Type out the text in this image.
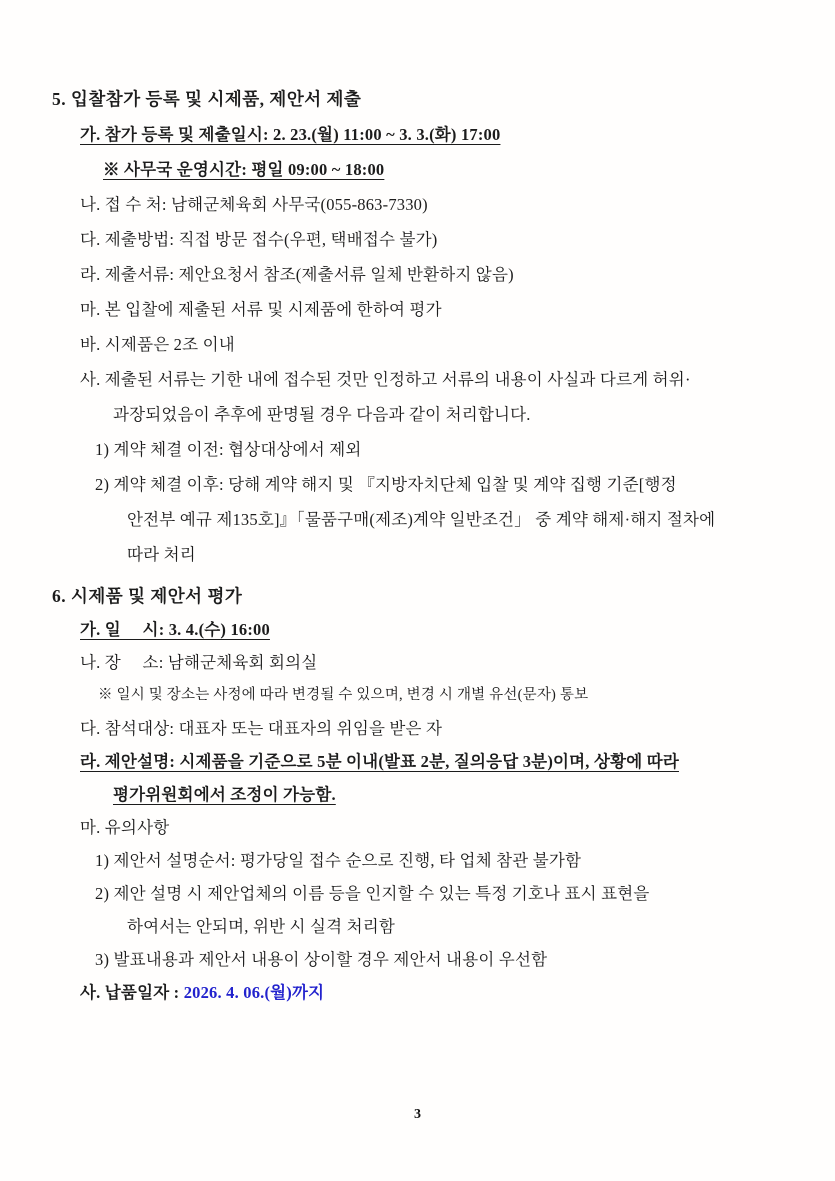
5. 입찰참가 등록 및 시제품, 제안서 제출
가. 참가 등록 및 제출일시: 2. 23.(월) 11:00 ~ 3. 3.(화) 17:00
※ 사무국 운영시간: 평일 09:00 ~ 18:00
나. 접 수 처: 남해군체육회 사무국(055-863-7330)
다. 제출방법: 직접 방문 접수(우편, 택배접수 불가)
라. 제출서류: 제안요청서 참조(제출서류 일체 반환하지 않음)
마. 본 입찰에 제출된 서류 및 시제품에 한하여 평가
바. 시제품은 2조 이내
사. 제출된 서류는 기한 내에 접수된 것만 인정하고 서류의 내용이 사실과 다르게 허위·
과장되었음이 추후에 판명될 경우 다음과 같이 처리합니다.
1) 계약 체결 이전: 협상대상에서 제외
2) 계약 체결 이후: 당해 계약 해지 및 『지방자치단체 입찰 및 계약 집행 기준[행정
안전부 예규 제135호]』「물품구매(제조)계약 일반조건」 중 계약 해제·해지 절차에
따라 처리
6. 시제품 및 제안서 평가
가. 일     시: 3. 4.(수) 16:00
나. 장     소: 남해군체육회 회의실
※ 일시 및 장소는 사정에 따라 변경될 수 있으며, 변경 시 개별 유선(문자) 통보
다. 참석대상: 대표자 또는 대표자의 위임을 받은 자
라. 제안설명: 시제품을 기준으로 5분 이내(발표 2분, 질의응답 3분)이며, 상황에 따라
평가위원회에서 조정이 가능함.
마. 유의사항
1) 제안서 설명순서: 평가당일 접수 순으로 진행, 타 업체 참관 불가함
2) 제안 설명 시 제안업체의 이름 등을 인지할 수 있는 특정 기호나 표시 표현을
하여서는 안되며, 위반 시 실격 처리함
3) 발표내용과 제안서 내용이 상이할 경우 제안서 내용이 우선함
사. 납품일자 : 2026. 4. 06.(월)까지
3
